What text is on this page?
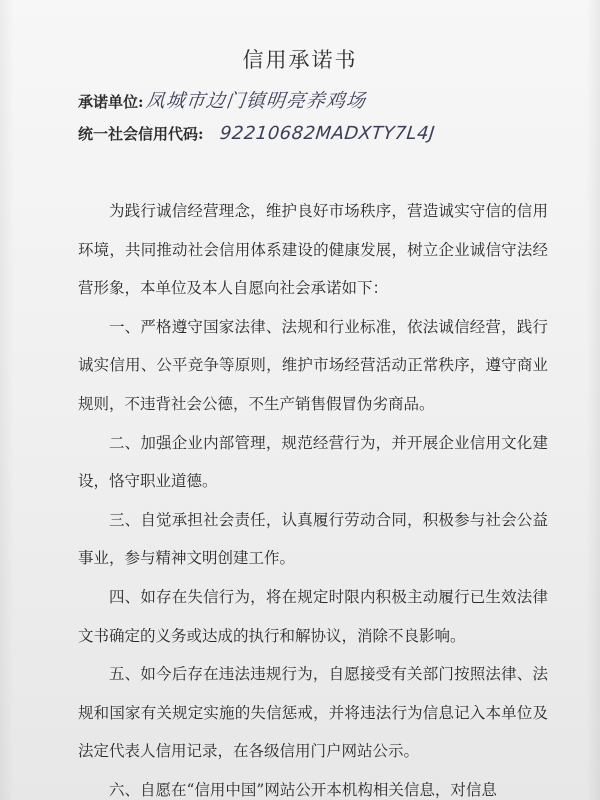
信用承诺书
承诺单位:凤城市边门镇明亮养鸡场
统一社会信用代码: 92210682MADXTY7L4J

为践行诚信经营理念，维护良好市场秩序，营造诚实守信的信用环境，共同推动社会信用体系建设的健康发展，树立企业诚信守法经营形象，本单位及本人自愿向社会承诺如下：

一、严格遵守国家法律、法规和行业标准，依法诚信经营，践行诚实信用、公平竞争等原则，维护市场经营活动正常秩序，遵守商业规则，不违背社会公德，不生产销售假冒伪劣商品。

二、加强企业内部管理，规范经营行为，并开展企业信用文化建设，恪守职业道德。

三、自觉承担社会责任，认真履行劳动合同，积极参与社会公益事业，参与精神文明创建工作。

四、如存在失信行为，将在规定时限内积极主动履行已生效法律文书确定的义务或达成的执行和解协议，消除不良影响。

五、如今后存在违法违规行为，自愿接受有关部门按照法律、法规和国家有关规定实施的失信惩戒，并将违法行为信息记入本单位及法定代表人信用记录，在各级信用门户网站公示。

六、自愿在“信用中国”网站公开本机构相关信息，对信息
